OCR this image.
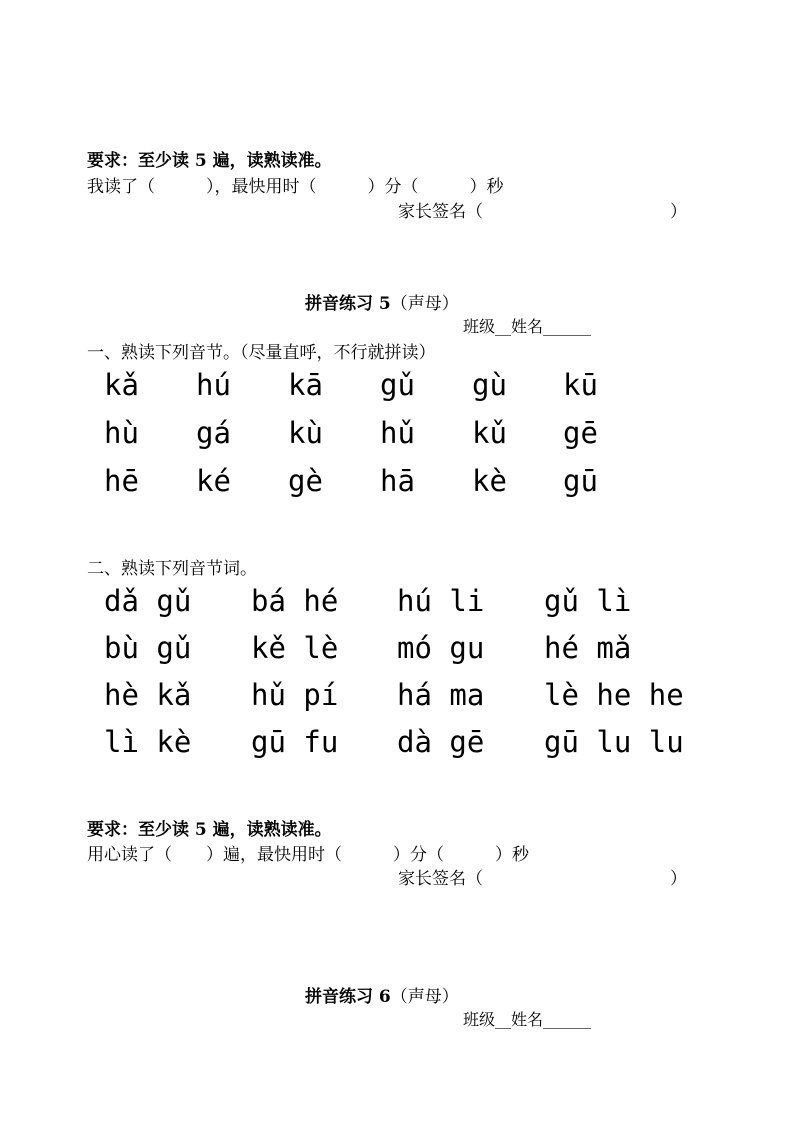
要求：至少读 5 遍，读熟读准。
我读了（　　　），最快用时（　　　）分（　　　）秒
家长签名（　　　　　　　　　　　）
拼音练习 5（声母）
班级__姓名______
一、熟读下列音节。（尽量直呼，不行就拼读）
kǎ hú kā gǔ gù kū
hù gá kù hǔ kǔ gē
hē ké gè hā kè gū
二、熟读下列音节词。
dǎ gǔ bá hé hú li gǔ lì
bù gǔ kě lè mó gu hé mǎ
hè kǎ hǔ pí há ma lè he he
lì kè gū fu dà gē gū lu lu
要求：至少读 5 遍，读熟读准。
用心读了（　　）遍，最快用时（　　　）分（　　　）秒
家长签名（　　　　　　　　　　　）
拼音练习 6（声母）
班级__姓名______
